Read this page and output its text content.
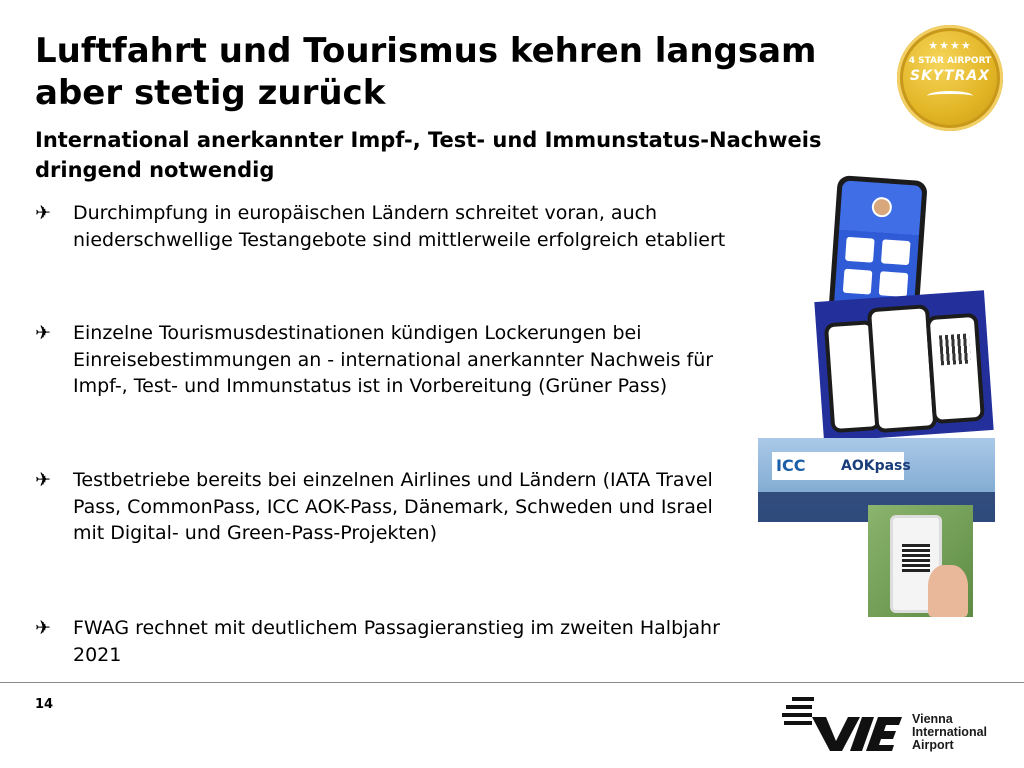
Luftfahrt und Tourismus kehren langsam aber stetig zurück
International anerkannter Impf-, Test- und Immunstatus-Nachweis dringend notwendig
★★★★
4 STAR AIRPORT
SKYTRAX
✈	Durchimpfung in europäischen Ländern schreitet voran, auch niederschwellige Testangebote sind mittlerweile erfolgreich etabliert
✈	Einzelne Tourismusdestinationen kündigen Lockerungen bei Einreisebestimmungen an - international anerkannter Nachweis für Impf-, Test- und Immunstatus ist in Vorbereitung (Grüner Pass)
✈	Testbetriebe bereits bei einzelnen Airlines und Ländern (IATA Travel Pass, CommonPass, ICC AOK-Pass, Dänemark, Schweden und Israel mit Digital- und Green-Pass-Projekten)
✈	FWAG rechnet mit deutlichem Passagieranstieg im zweiten Halbjahr 2021
ICC	AOKpass
14
Vienna
International
Airport
